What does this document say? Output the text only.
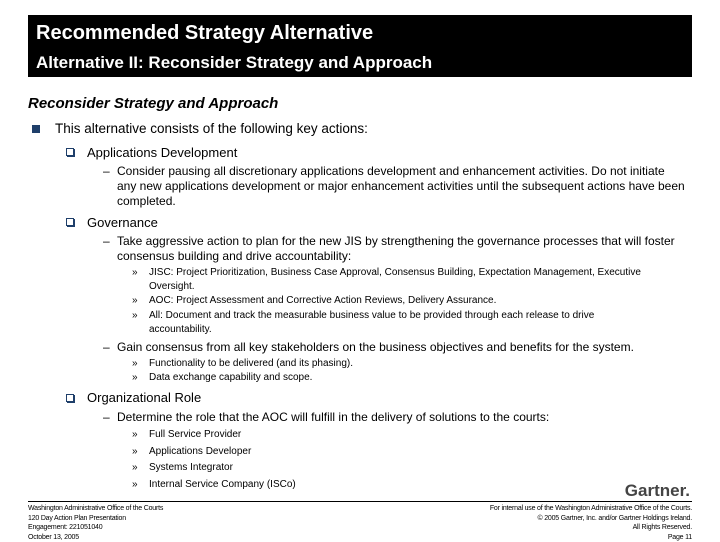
Recommended Strategy Alternative
Alternative II: Reconsider Strategy and Approach
Reconsider Strategy and Approach
This alternative consists of the following key actions:
Applications Development
– Consider pausing all discretionary applications development and enhancement activities. Do not initiate any new applications development or major enhancement activities until the subsequent actions have been completed.
Governance
– Take aggressive action to plan for the new JIS by strengthening the governance processes that will foster consensus building and drive accountability:
» JISC: Project Prioritization, Business Case Approval, Consensus Building, Expectation Management, Executive Oversight.
» AOC: Project Assessment and Corrective Action Reviews, Delivery Assurance.
» All: Document and track the measurable business value to be provided through each release to drive accountability.
– Gain consensus from all key stakeholders on the business objectives and benefits for the system.
» Functionality to be delivered (and its phasing).
» Data exchange capability and scope.
Organizational Role
– Determine the role that the AOC will fulfill in the delivery of solutions to the courts:
» Full Service Provider
» Applications Developer
» Systems Integrator
» Internal Service Company (ISCo)	Gartner.
Washington Administrative Office of the Courts
120 Day Action Plan Presentation
Engagement: 221051040
October 13, 2005
For internal use of the Washington Administrative Office of the Courts.
© 2005 Gartner, Inc. and/or Gartner Holdings Ireland.
All Rights Reserved.
Page 11
